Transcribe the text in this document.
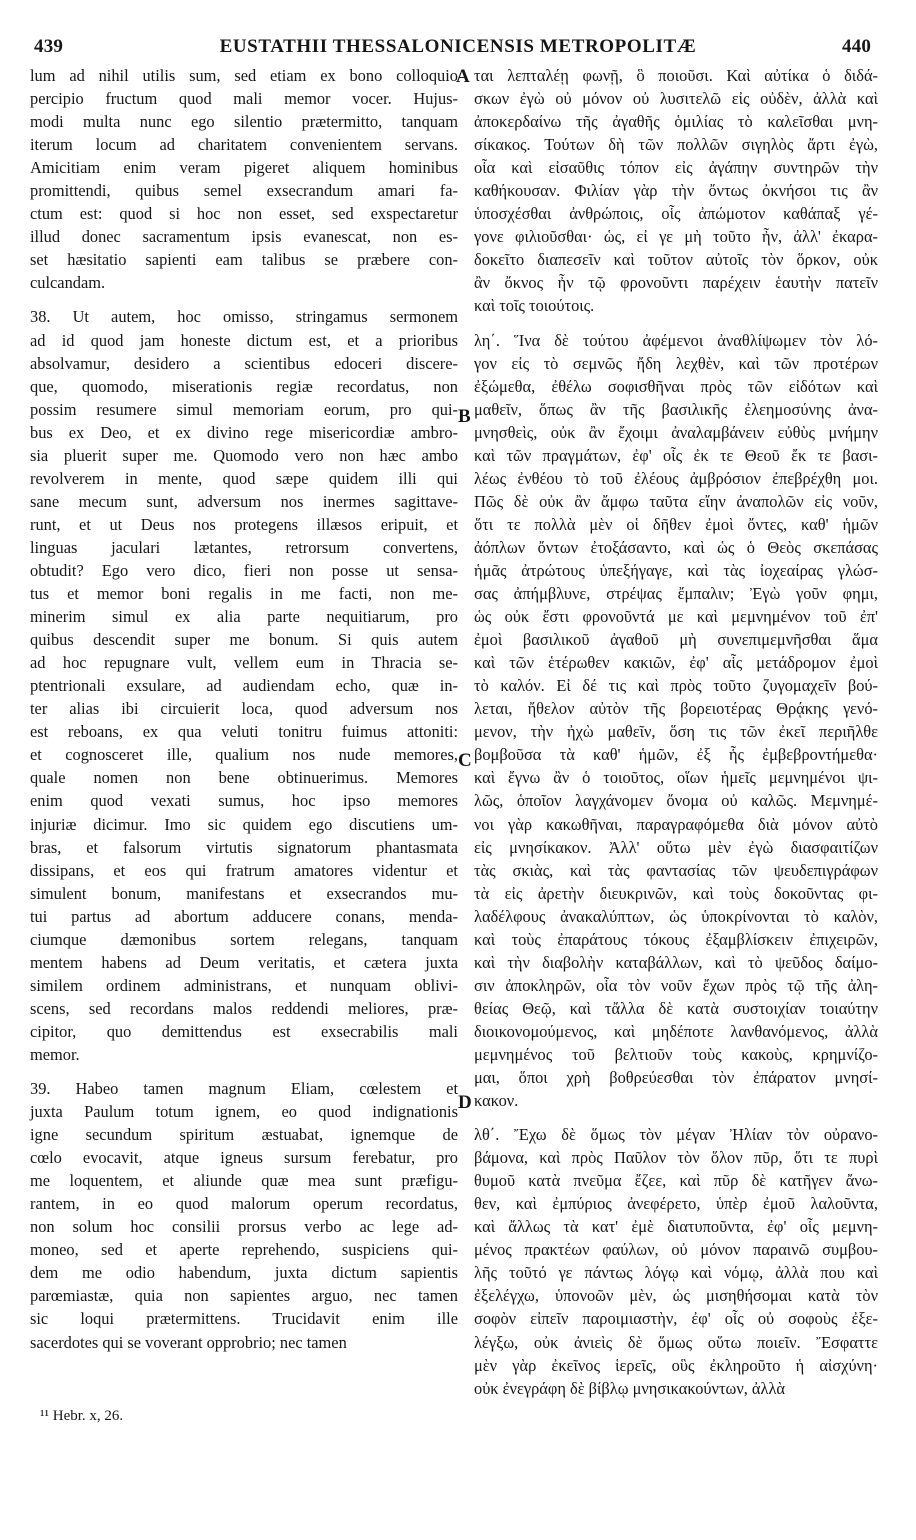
439	EUSTATHII THESSALONICENSIS METROPOLITÆ	440
A
B
C
D
lum ad nihil utilis sum, sed etiam ex bono colloquio
percipio fructum quod mali memor vocer. Hujus-
modi multa nunc ego silentio prætermitto, tanquam
iterum locum ad charitatem convenientem servans.
Amicitiam enim veram pigeret aliquem hominibus
promittendi, quibus semel exsecrandum amari fa-
ctum est: quod si hoc non esset, sed exspectaretur
illud donec sacramentum ipsis evanescat, non es-
set hæsitatio sapienti eam talibus se præbere con-
culcandam.
38. Ut autem, hoc omisso, stringamus sermonem
ad id quod jam honeste dictum est, et a prioribus
absolvamur, desidero a scientibus edoceri discere-
que, quomodo, miserationis regiæ recordatus, non
possim resumere simul memoriam eorum, pro qui-
bus ex Deo, et ex divino rege misericordiæ ambro-
sia pluerit super me. Quomodo vero non hæc ambo
revolverem in mente, quod sæpe quidem illi qui
sane mecum sunt, adversum nos inermes sagittave-
runt, et ut Deus nos protegens illæsos eripuit, et
linguas jaculari lætantes, retrorsum convertens,
obtudit? Ego vero dico, fieri non posse ut sensa-
tus et memor boni regalis in me facti, non me-
minerim simul ex alia parte nequitiarum, pro
quibus descendit super me bonum. Si quis autem
ad hoc repugnare vult, vellem eum in Thracia se-
ptentrionali exsulare, ad audiendam echo, quæ in-
ter alias ibi circuierit loca, quod adversum nos
est reboans, ex qua veluti tonitru fuimus attoniti:
et cognosceret ille, qualium nos nude memores,
quale nomen non bene obtinuerimus. Memores
enim quod vexati sumus, hoc ipso memores
injuriæ dicimur. Imo sic quidem ego discutiens um-
bras, et falsorum virtutis signatorum phantasmata
dissipans, et eos qui fratrum amatores videntur et
simulent bonum, manifestans et exsecrandos mu-
tui partus ad abortum adducere conans, menda-
ciumque dæmonibus sortem relegans, tanquam
mentem habens ad Deum veritatis, et cætera juxta
similem ordinem administrans, et nunquam oblivi-
scens, sed recordans malos reddendi meliores, præ-
cipitor, quo demittendus est exsecrabilis mali
memor.
39. Habeo tamen magnum Eliam, cœlestem et
juxta Paulum totum ignem, eo quod indignationis
igne secundum spiritum æstuabat, ignemque de
cœlo evocavit, atque igneus sursum ferebatur, pro
me loquentem, et aliunde quæ mea sunt præfigu-
rantem, in eo quod malorum operum recordatus,
non solum hoc consilii prorsus verbo ac lege ad-
moneo, sed et aperte reprehendo, suspiciens qui-
dem me odio habendum, juxta dictum sapientis
parœmiastæ, quia non sapientes arguo, nec tamen
sic loqui prætermittens. Trucidavit enim ille
sacerdotes qui se voverant opprobrio; nec tamen
ται λεπταλέῃ φωνῇ, ὃ ποιοῦσι. Καὶ αὐτίκα ὁ διδά-
σκων ἐγὼ οὐ μόνον οὐ λυσιτελῶ εἰς οὐδὲν, ἀλλὰ καὶ
ἀποκερδαίνω τῆς ἀγαθῆς ὁμιλίας τὸ καλεῖσθαι μνη-
σίκακος. Τούτων δὴ τῶν πολλῶν σιγηλὸς ἄρτι ἐγὼ,
οἷα καὶ εἰσαῦθις τόπον εἰς ἀγάπην συντηρῶν τὴν
καθήκουσαν. Φιλίαν γὰρ τὴν ὄντως ὀκνήσοι τις ἂν
ὑποσχέσθαι ἀνθρώποις, οἷς ἀπώμοτον καθάπαξ γέ-
γονε φιλιοῦσθαι· ὡς, εἰ γε μὴ τοῦτο ἦν, ἀλλ' ἐκαρα-
δοκεῖτο διαπεσεῖν καὶ τοῦτον αὐτοῖς τὸν ὅρκον, οὐκ
ἂν ὄκνος ἦν τῷ φρονοῦντι παρέχειν ἑαυτὴν πατεῖν
καὶ τοῖς τοιούτοις.
λη΄. Ἵνα δὲ τούτου ἀφέμενοι ἀναθλίψωμεν τὸν λό-
γον εἰς τὸ σεμνῶς ἤδη λεχθὲν, καὶ τῶν προτέρων
ἐξώμεθα, ἐθέλω σοφισθῆναι πρὸς τῶν εἰδότων καὶ
μαθεῖν, ὅπως ἂν τῆς βασιλικῆς ἐλεημοσύνης ἀνα-
μνησθεὶς, οὐκ ἂν ἔχοιμι ἀναλαμβάνειν εὐθὺς μνήμην
καὶ τῶν πραγμάτων, ἐφ' οἷς ἐκ τε Θεοῦ ἔκ τε βασι-
λέως ἐνθέου τὸ τοῦ ἐλέους ἀμβρόσιον ἐπεβρέχθη μοι.
Πῶς δὲ οὐκ ἂν ἄμφω ταῦτα εἴην ἀναπολῶν εἰς νοῦν,
ὅτι τε πολλὰ μὲν οἱ δῆθεν ἐμοὶ ὄντες, καθ' ἡμῶν
ἀόπλων ὄντων ἐτοξάσαντο, καὶ ὡς ὁ Θεὸς σκεπάσας
ἡμᾶς ἀτρώτους ὑπεξήγαγε, καὶ τὰς ἰοχεαίρας γλώσ-
σας ἀπήμβλυνε, στρέψας ἔμπαλιν; Ἐγὼ γοῦν φημι,
ὡς οὐκ ἔστι φρονοῦντά με καὶ μεμνημένον τοῦ ἐπ'
ἐμοὶ βασιλικοῦ ἀγαθοῦ μὴ συνεπιμεμνῆσθαι ἅμα
καὶ τῶν ἑτέρωθεν κακιῶν, ἐφ' αἷς μετάδρομον ἐμοὶ
τὸ καλόν. Εἰ δέ τις καὶ πρὸς τοῦτο ζυγομαχεῖν βού-
λεται, ἤθελον αὐτὸν τῆς βορειοτέρας Θρᾴκης γενό-
μενον, τὴν ἠχὼ μαθεῖν, ὅση τις τῶν ἐκεῖ περιῆλθε
βομβοῦσα τὰ καθ' ἡμῶν, ἐξ ἧς ἐμβεβροντήμεθα·
καὶ ἔγνω ἂν ὁ τοιοῦτος, οἵων ἡμεῖς μεμνημένοι ψι-
λῶς, ὁποῖον λαγχάνομεν ὄνομα οὐ καλῶς. Μεμνημέ-
νοι γὰρ κακωθῆναι, παραγραφόμεθα διὰ μόνον αὐτὸ
εἰς μνησίκακον. Ἀλλ' οὕτω μὲν ἐγὼ διασφαιτίζων
τὰς σκιὰς, καὶ τὰς φαντασίας τῶν ψευδεπιγράφων
τὰ εἰς ἀρετὴν διευκρινῶν, καὶ τοὺς δοκοῦντας φι-
λαδέλφους ἀνακαλύπτων, ὡς ὑποκρίνονται τὸ καλὸν,
καὶ τοὺς ἐπαράτους τόκους ἐξαμβλίσκειν ἐπιχειρῶν,
καὶ τὴν διαβολὴν καταβάλλων, καὶ τὸ ψεῦδος δαίμο-
σιν ἀποκληρῶν, οἷα τὸν νοῦν ἔχων πρὸς τῷ τῆς ἀλη-
θείας Θεῷ, καὶ τἄλλα δὲ κατὰ συστοιχίαν τοιαύτην
διοικονομούμενος, καὶ μηδέποτε λανθανόμενος, ἀλλὰ
μεμνημένος τοῦ βελτιοῦν τοὺς κακοὺς, κρημνίζο-
μαι, ὅποι χρὴ βοθρεύεσθαι τὸν ἐπάρατον μνησί-
κακον.
λθ΄. Ἔχω δὲ ὅμως τὸν μέγαν Ἠλίαν τὸν οὐρανο-
βάμονα, καὶ πρὸς Παῦλον τὸν ὅλον πῦρ, ὅτι τε πυρὶ
θυμοῦ κατὰ πνεῦμα ἔζεε, καὶ πῦρ δὲ κατῆγεν ἄνω-
θεν, καὶ ἐμπύριος ἀνεφέρετο, ὑπὲρ ἐμοῦ λαλοῦντα,
καὶ ἄλλως τὰ κατ' ἐμὲ διατυποῦντα, ἐφ' οἷς μεμνη-
μένος πρακτέων φαύλων, οὐ μόνον παραινῶ συμβου-
λῆς τοῦτό γε πάντως λόγῳ καὶ νόμῳ, ἀλλὰ που καὶ
ἐξελέγχω, ὑπονοῶν μὲν, ὡς μισηθήσομαι κατὰ τὸν
σοφὸν εἰπεῖν παροιμιαστὴν, ἐφ' οἷς οὐ σοφοὺς ἐξε-
λέγξω, οὐκ ἀνιεὶς δὲ ὅμως οὕτω ποιεῖν. Ἔσφαττε
μὲν γὰρ ἐκεῖνος ἱερεῖς, οὓς ἐκληροῦτο ἡ αἰσχύνη·
οὐκ ἐνεγράφη δὲ βίβλῳ μνησικακούντων, ἀλλὰ
¹¹ Hebr. x, 26.
